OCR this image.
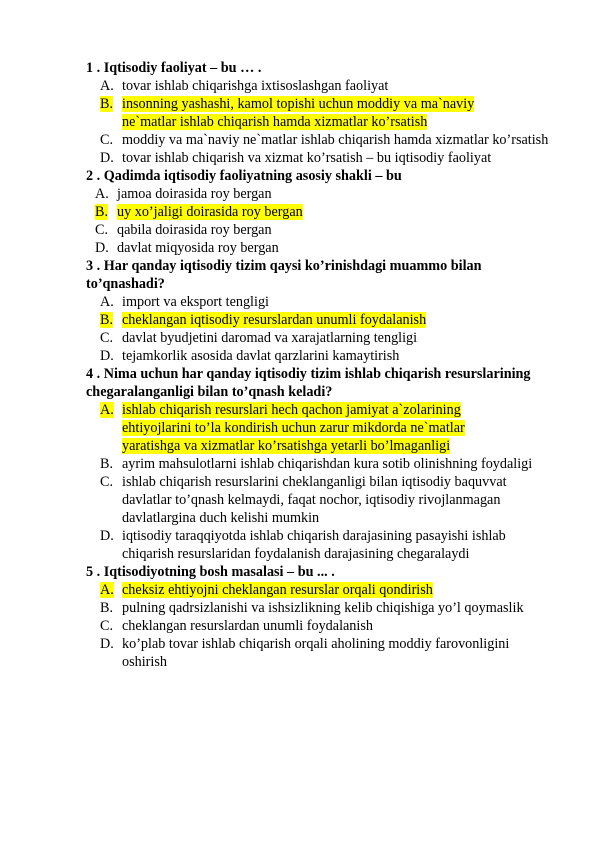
1 . Iqtisodiy faoliyat – bu … .

A. tovar ishlab chiqarishga ixtisoslashgan faoliyat
B. insonning yashashi, kamol topishi uchun moddiy va ma`naviy ne`matlar ishlab chiqarish hamda xizmatlar ko’rsatish
C. moddiy va ma`naviy ne`matlar ishlab chiqarish hamda xizmatlar ko’rsatish
D. tovar ishlab chiqarish va xizmat ko’rsatish – bu iqtisodiy faoliyat

2 . Qadimda iqtisodiy faoliyatning asosiy shakli – bu

A. jamoa doirasida roy bergan
B. uy xo’jaligi doirasida roy bergan
C. qabila doirasida roy bergan
D. davlat miqyosida roy bergan

3 . Har qanday iqtisodiy tizim qaysi ko’rinishdagi muammo bilan to’qnashadi?

A. import va eksport tengligi
B. cheklangan iqtisodiy resurslardan unumli foydalanish
C. davlat byudjetini daromad va xarajatlarning tengligi
D. tejamkorlik asosida davlat qarzlarini kamaytirish

4 . Nima uchun har qanday iqtisodiy tizim ishlab chiqarish resurslarining chegaralanganligi bilan to’qnash keladi?

A. ishlab chiqarish resurslari hech qachon jamiyat a`zolarining ehtiyojlarini to’la kondirish uchun zarur mikdorda ne`matlar yaratishga va xizmatlar ko’rsatishga yetarli bo’lmaganligi
B. ayrim mahsulotlarni ishlab chiqarishdan kura sotib olinishning foydaligi
C. ishlab chiqarish resurslarini cheklanganligi bilan iqtisodiy baquvvat davlatlar to’qnash kelmaydi, faqat nochor, iqtisodiy rivojlanmagan davlatlargina duch kelishi mumkin
D. iqtisodiy taraqqiyotda ishlab chiqarish darajasining pasayishi ishlab chiqarish resurslaridan foydalanish darajasining chegaralaydi

5 . Iqtisodiyotning bosh masalasi – bu ... .

A. cheksiz ehtiyojni cheklangan resurslar orqali qondirish
B. pulning qadrsizlanishi va ishsizlikning kelib chiqishiga yo’l qoymaslik
C. cheklangan resurslardan unumli foydalanish
D. ko’plab tovar ishlab chiqarish orqali aholining moddiy farovonligini oshirish
